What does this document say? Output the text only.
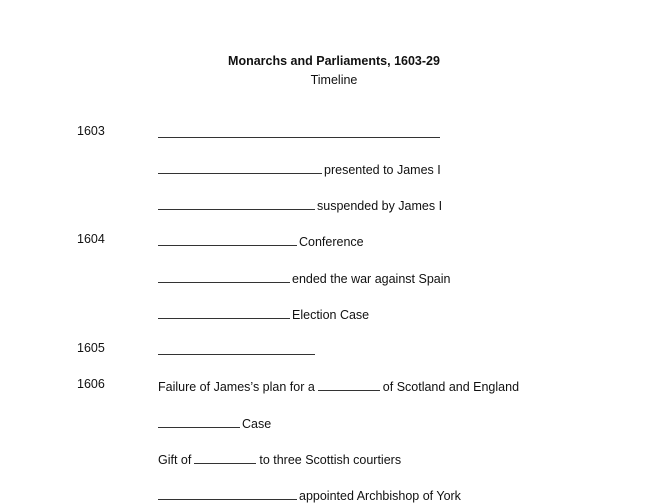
Monarchs and Parliaments, 1603-29
Timeline
1603
presented to James I
suspended by James I
1604	Conference
ended the war against Spain
Election Case
1605
1606	Failure of James’s plan for a	of Scotland and England
Case
Gift of	to three Scottish courtiers
appointed Archbishop of York
